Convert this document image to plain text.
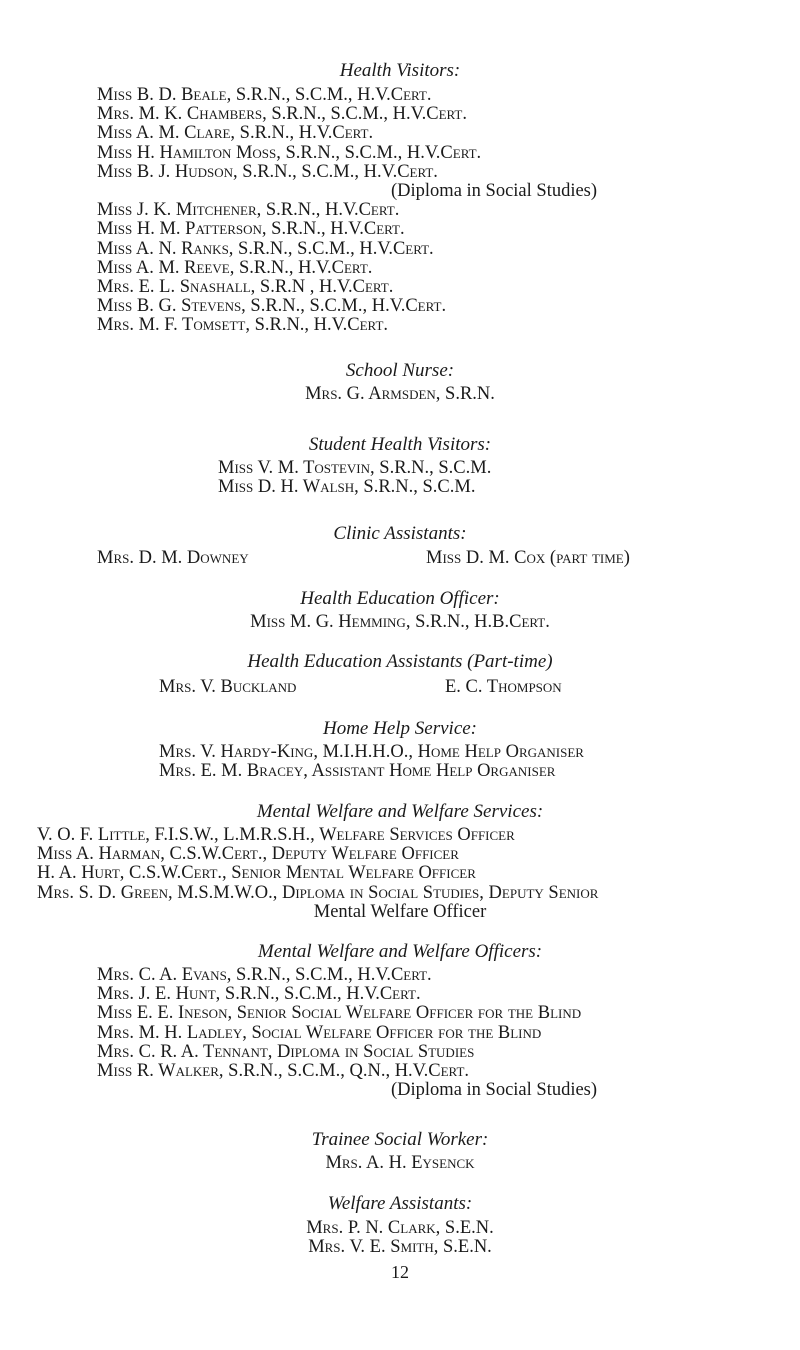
Health Visitors:
Miss B. D. Beale, S.R.N., S.C.M., H.V.Cert.
Mrs. M. K. Chambers, S.R.N., S.C.M., H.V.Cert.
Miss A. M. Clare, S.R.N., H.V.Cert.
Miss H. Hamilton Moss, S.R.N., S.C.M., H.V.Cert.
Miss B. J. Hudson, S.R.N., S.C.M., H.V.Cert.
(Diploma in Social Studies)
Miss J. K. Mitchener, S.R.N., H.V.Cert.
Miss H. M. Patterson, S.R.N., H.V.Cert.
Miss A. N. Ranks, S.R.N., S.C.M., H.V.Cert.
Miss A. M. Reeve, S.R.N., H.V.Cert.
Mrs. E. L. Snashall, S.R.N , H.V.Cert.
Miss B. G. Stevens, S.R.N., S.C.M., H.V.Cert.
Mrs. M. F. Tomsett, S.R.N., H.V.Cert.
School Nurse:
Mrs. G. Armsden, S.R.N.
Student Health Visitors:
Miss V. M. Tostevin, S.R.N., S.C.M.
Miss D. H. Walsh, S.R.N., S.C.M.
Clinic Assistants:
Mrs. D. M. Downey	Miss D. M. Cox (part time)
Health Education Officer:
Miss M. G. Hemming, S.R.N., H.B.Cert.
Health Education Assistants (Part-time)
Mrs. V. Buckland	E. C. Thompson
Home Help Service:
Mrs. V. Hardy-King, M.I.H.H.O., Home Help Organiser
Mrs. E. M. Bracey, Assistant Home Help Organiser
Mental Welfare and Welfare Services:
V. O. F. Little, F.I.S.W., L.M.R.S.H., Welfare Services Officer
Miss A. Harman, C.S.W.Cert., Deputy Welfare Officer
H. A. Hurt, C.S.W.Cert., Senior Mental Welfare Officer
Mrs. S. D. Green, M.S.M.W.O., Diploma in Social Studies, Deputy Senior
Mental Welfare Officer
Mental Welfare and Welfare Officers:
Mrs. C. A. Evans, S.R.N., S.C.M., H.V.Cert.
Mrs. J. E. Hunt, S.R.N., S.C.M., H.V.Cert.
Miss E. E. Ineson, Senior Social Welfare Officer for the Blind
Mrs. M. H. Ladley, Social Welfare Officer for the Blind
Mrs. C. R. A. Tennant, Diploma in Social Studies
Miss R. Walker, S.R.N., S.C.M., Q.N., H.V.Cert.
(Diploma in Social Studies)
Trainee Social Worker:
Mrs. A. H. Eysenck
Welfare Assistants:
Mrs. P. N. Clark, S.E.N.
Mrs. V. E. Smith, S.E.N.
12
